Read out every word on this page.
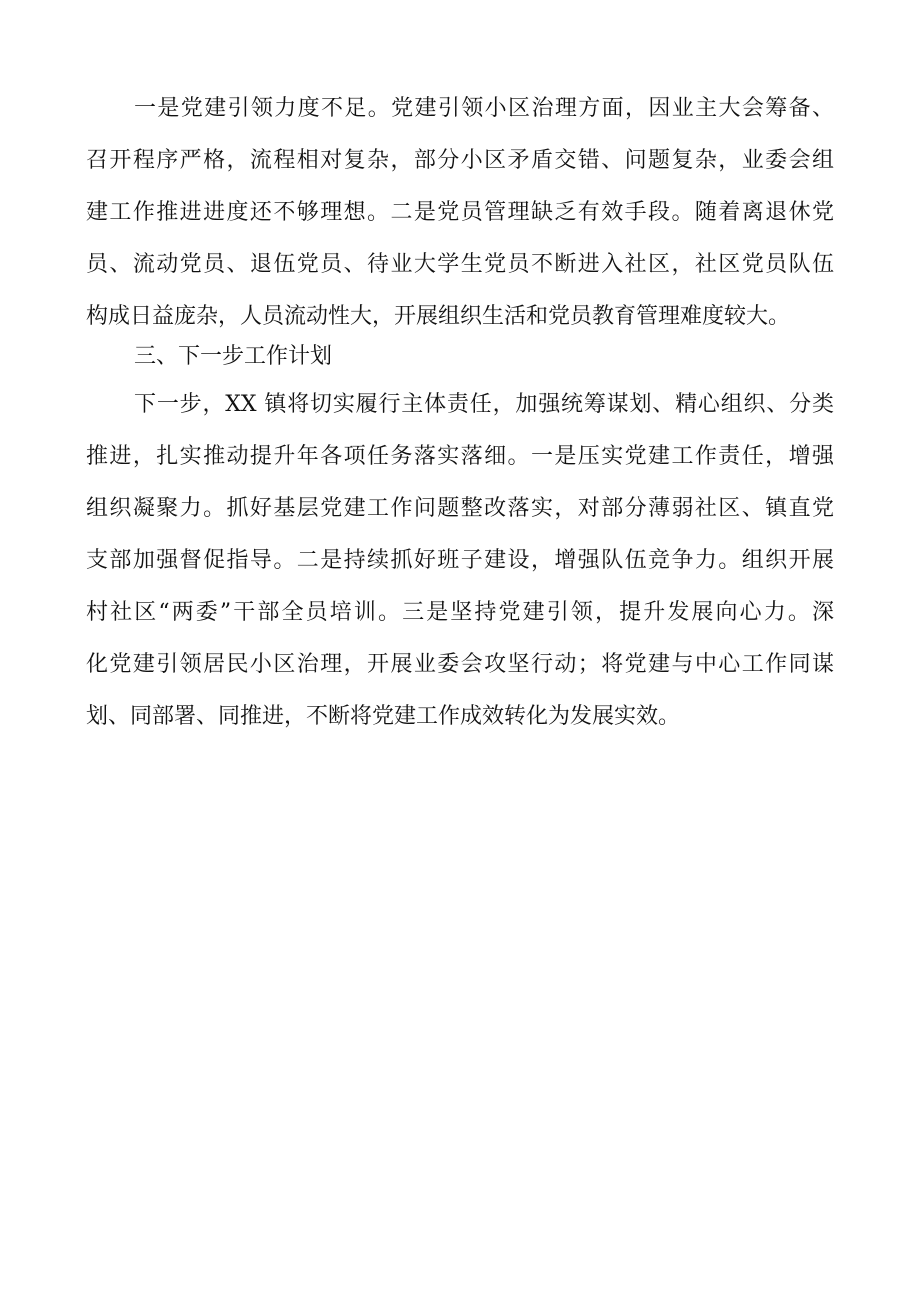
一是党建引领力度不足。党建引领小区治理方面，因业主大会筹备、
召开程序严格，流程相对复杂，部分小区矛盾交错、问题复杂，业委会组
建工作推进进度还不够理想。二是党员管理缺乏有效手段。随着离退休党
员、流动党员、退伍党员、待业大学生党员不断进入社区，社区党员队伍
构成日益庞杂，人员流动性大，开展组织生活和党员教育管理难度较大。
三、下一步工作计划
下一步，XX 镇将切实履行主体责任，加强统筹谋划、精心组织、分类
推进，扎实推动提升年各项任务落实落细。一是压实党建工作责任，增强
组织凝聚力。抓好基层党建工作问题整改落实，对部分薄弱社区、镇直党
支部加强督促指导。二是持续抓好班子建设，增强队伍竞争力。组织开展
村社区“两委”干部全员培训。三是坚持党建引领，提升发展向心力。深
化党建引领居民小区治理，开展业委会攻坚行动；将党建与中心工作同谋
划、同部署、同推进，不断将党建工作成效转化为发展实效。
